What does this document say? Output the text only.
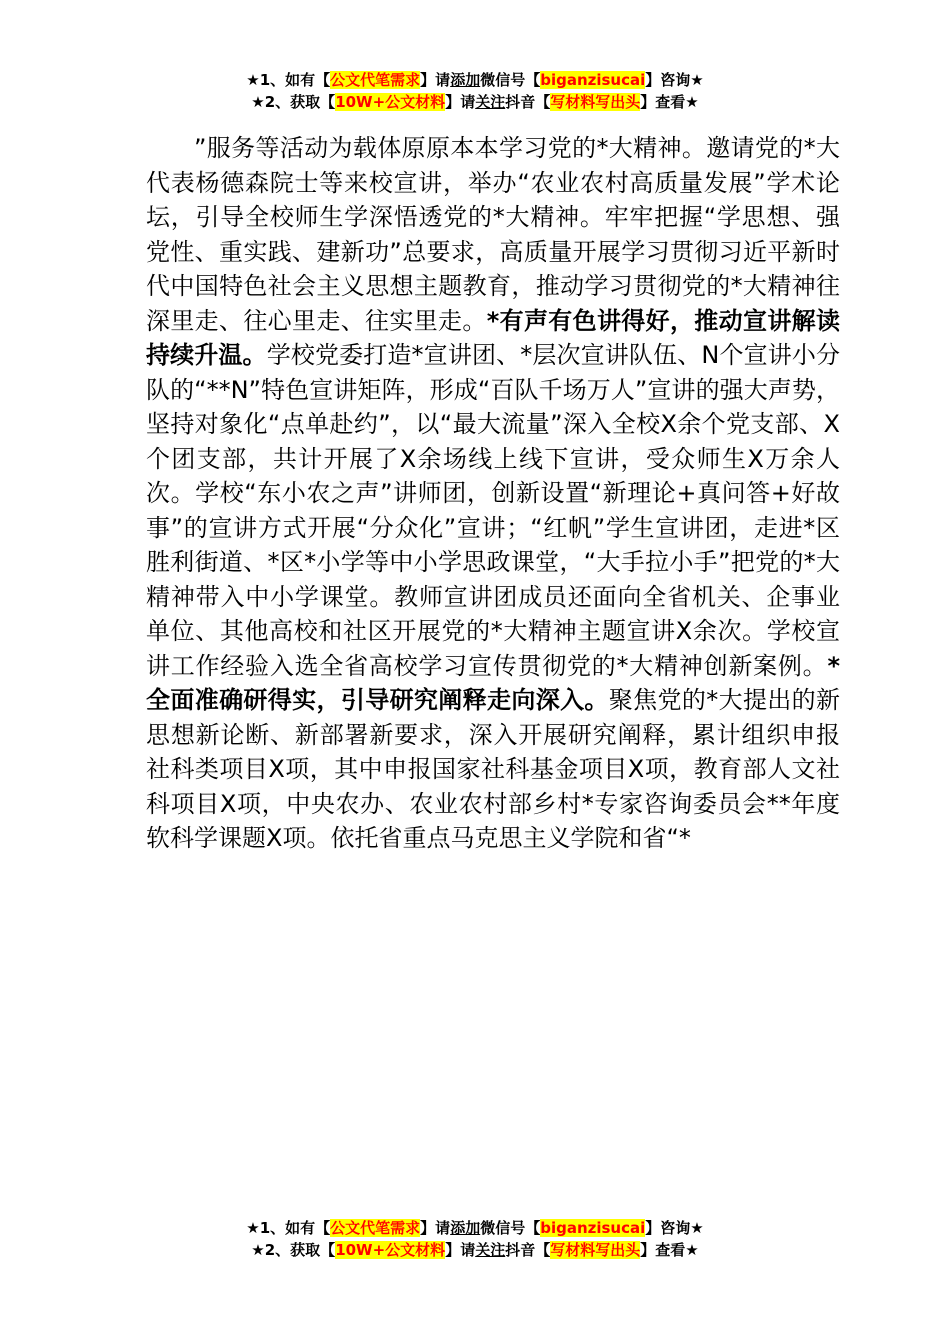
★1、如有【公文代笔需求】请添加微信号【biganzisucai】咨询★
★2、获取【10W+公文材料】请关注抖音【写材料写出头】查看★

”服务等活动为载体原原本本学习党的*大精神。邀请党的*大代表杨德森院士等来校宣讲，举办“农业农村高质量发展”学术论坛，引导全校师生学深悟透党的*大精神。牢牢把握“学思想、强党性、重实践、建新功”总要求，高质量开展学习贯彻习近平新时代中国特色社会主义思想主题教育，推动学习贯彻党的*大精神往深里走、往心里走、往实里走。*有声有色讲得好，推动宣讲解读持续升温。学校党委打造*宣讲团、*层次宣讲队伍、N个宣讲小分队的“**N”特色宣讲矩阵，形成“百队千场万人”宣讲的强大声势，坚持对象化“点单赴约”，以“最大流量”深入全校X余个党支部、X个团支部，共计开展了X余场线上线下宣讲，受众师生X万余人次。学校“东小农之声”讲师团，创新设置“新理论+真问答+好故事”的宣讲方式开展“分众化”宣讲；“红帆”学生宣讲团，走进*区胜利街道、*区*小学等中小学思政课堂，“大手拉小手”把党的*大精神带入中小学课堂。教师宣讲团成员还面向全省机关、企事业单位、其他高校和社区开展党的*大精神主题宣讲X余次。学校宣讲工作经验入选全省高校学习宣传贯彻党的*大精神创新案例。*全面准确研得实，引导研究阐释走向深入。聚焦党的*大提出的新思想新论断、新部署新要求，深入开展研究阐释，累计组织申报社科类项目X项，其中申报国家社科基金项目X项，教育部人文社科项目X项，中央农办、农业农村部乡村*专家咨询委员会**年度软科学课题X项。依托省重点马克思主义学院和省“*

★1、如有【公文代笔需求】请添加微信号【biganzisucai】咨询★
★2、获取【10W+公文材料】请关注抖音【写材料写出头】查看★
